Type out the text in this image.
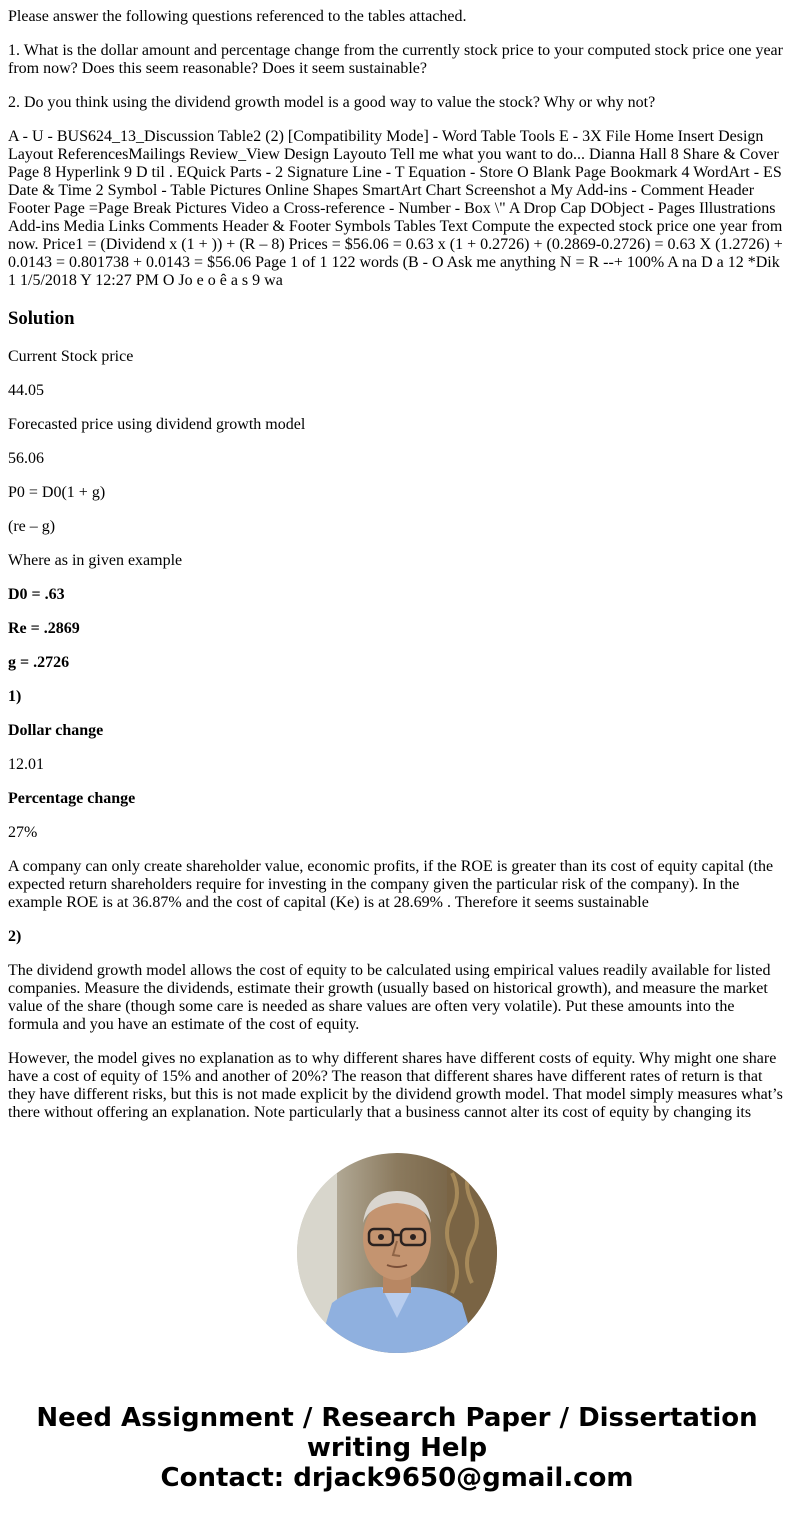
Please answer the following questions referenced to the tables attached.

1. What is the dollar amount and percentage change from the currently stock price to your computed stock price one year from now? Does this seem reasonable? Does it seem sustainable?

2. Do you think using the dividend growth model is a good way to value the stock? Why or why not?

A - U - BUS624_13_Discussion Table2 (2) [Compatibility Mode] - Word Table Tools E - 3X File Home Insert Design Layout ReferencesMailings Review_View Design Layouto Tell me what you want to do... Dianna Hall 8 Share & Cover Page 8 Hyperlink 9 D til . EQuick Parts - 2 Signature Line - T Equation - Store O Blank Page Bookmark 4 WordArt - ES Date & Time 2 Symbol - Table Pictures Online Shapes SmartArt Chart Screenshot a My Add-ins - Comment Header Footer Page =Page Break Pictures Video a Cross-reference - Number - Box \" A Drop Cap DObject - Pages Illustrations Add-ins Media Links Comments Header & Footer Symbols Tables Text Compute the expected stock price one year from now. Price1 = (Dividend x (1 + )) + (R – 8) Prices = $56.06 = 0.63 x (1 + 0.2726) + (0.2869-0.2726) = 0.63 X (1.2726) + 0.0143 = 0.801738 + 0.0143 = $56.06 Page 1 of 1 122 words (B - O Ask me anything N = R --+ 100% A na D a 12 *Dik 1 1/5/2018 Y 12:27 PM O Jo e o ê a s 9 wa

Solution

Current Stock price

44.05

Forecasted price using dividend growth model

56.06

P0 = D0(1 + g)

(re – g)

Where as in given example

D0 = .63

Re = .2869

g = .2726

1)

Dollar change

12.01

Percentage change

27%

A company can only create shareholder value, economic profits, if the ROE is greater than its cost of equity capital (the expected return shareholders require for investing in the company given the particular risk of the company). In the example ROE is at 36.87% and the cost of capital (Ke) is at 28.69% . Therefore it seems sustainable

2)

The dividend growth model allows the cost of equity to be calculated using empirical values readily available for listed companies. Measure the dividends, estimate their growth (usually based on historical growth), and measure the market value of the share (though some care is needed as share values are often very volatile). Put these amounts into the formula and you have an estimate of the cost of equity.

However, the model gives no explanation as to why different shares have different costs of equity. Why might one share have a cost of equity of 15% and another of 20%? The reason that different shares have different rates of return is that they have different risks, but this is not made explicit by the dividend growth model. That model simply measures what’s there without offering an explanation. Note particularly that a business cannot alter its cost of equity by changing its

Need Assignment / Research Paper / Dissertation
writing Help
Contact: drjack9650@gmail.com
